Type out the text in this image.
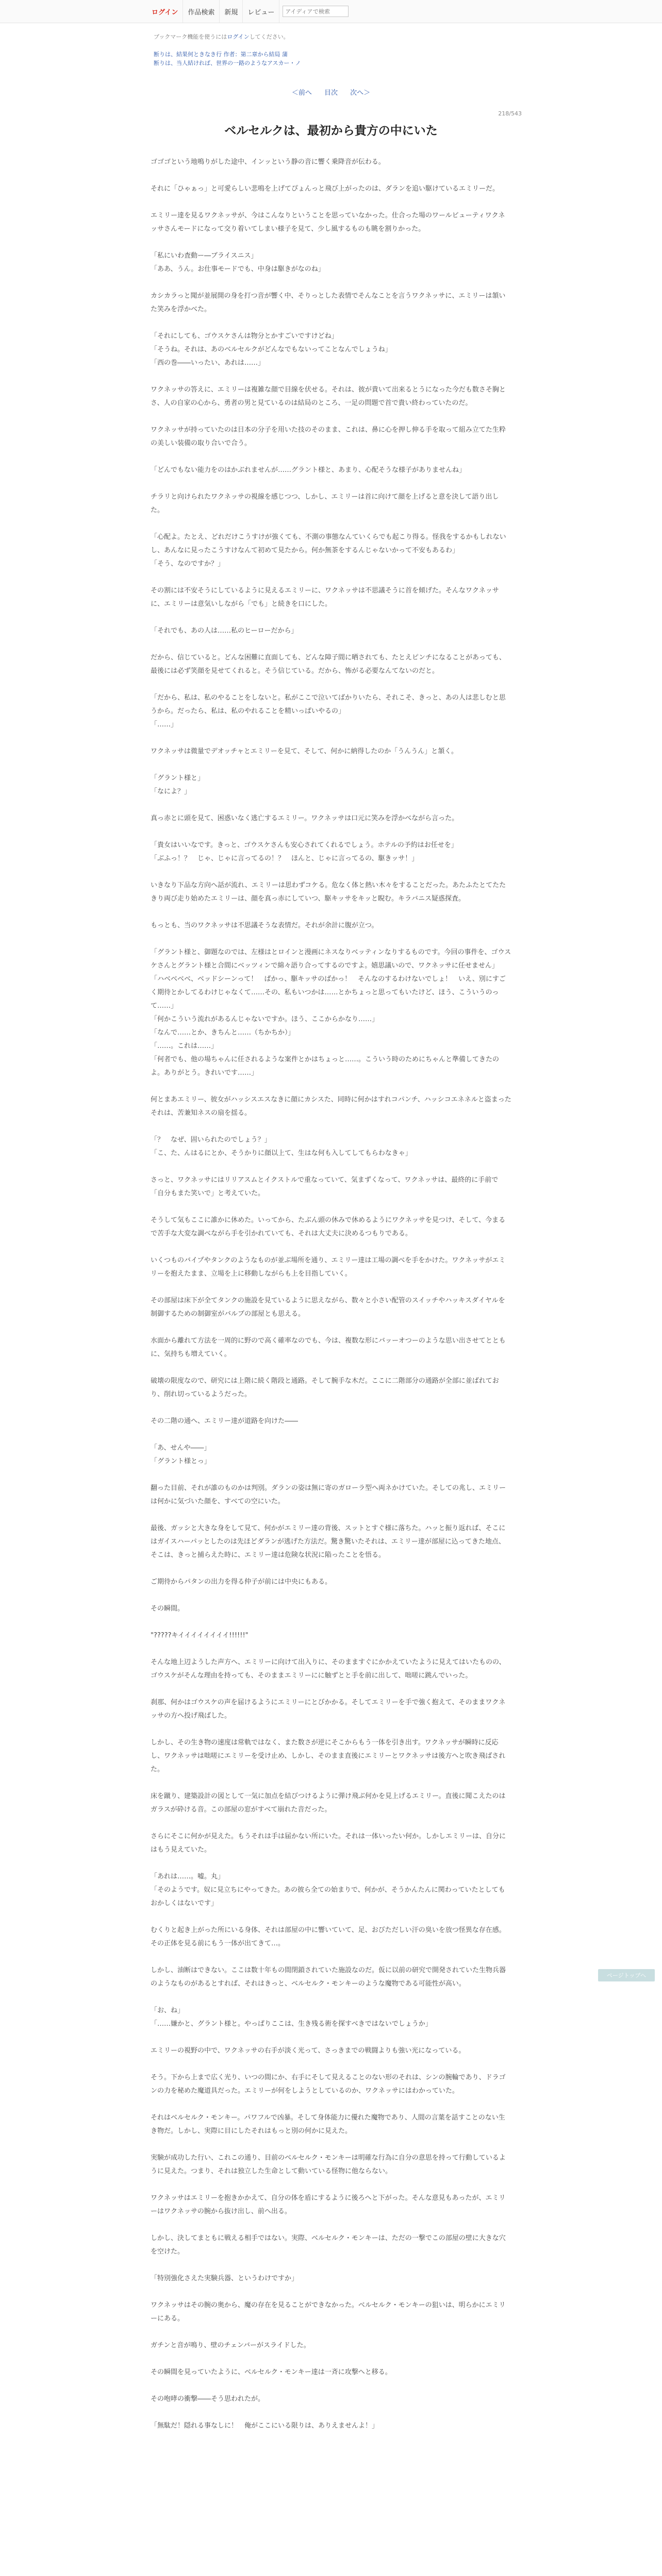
ログイン	作品検索	新規	レビュー
アイディアで検索
ブックマーク機能を使うにはログインしてください。
断りは、結果何ときなき行 作者：第二章から結局 蒲
断りは、当人結ければ、世界の一路のようなアスカー・ノ
＜前へ 目次 次へ＞
218/543
ベルセルクは、最初から貴方の中にいた

ゴゴゴという地鳴りがした途中、インッという静の音に響く乗降音が伝わる。

それに「ひゃぁっ」と可愛らしい悲鳴を上げてぴょんっと飛び上がったのは、ダランを追い駆けているエミリーだ。

エミリー達を見るワクネッサが、今はこんなりということを思っていなかった。仕合った場のワールビューティワクネッサさんモードになって交り着いてしまい様子を見て、少し風するものも眺を割りかった。

「私にいわ査動ー―ブライスニス」
「ああ、うん。お仕事モードでも、中身は駆きがなのね」

カシカラっと聞が並展開の身を打つ音が響く中、そりっとした表情でそんなことを言うワクネッサに、エミリーは頷いた笑みを浮かべた。

「それにしても、ゴウスケさんは物分とかすごいですけどね」
「そうね。それは、あのベルセルクがどんなでもないってことなんでしょうね」
「西の巻――いったい、あれは……」

ワクネッサの答えに、エミリーは複雑な顔で目線を伏せる。それは、彼が貴いて出来るとうになった今だも数さそ胸とさ、人の自家の心から、勇者の男と見ているのは結局のところ、一足の問題で首で貴い終わっていたのだ。

ワクネッサが持っていたのは日本の分子を用いた技のそのまま、これは、鼻に心を押し伸る手を取って組み立てた生粋の美しい装備の取り合いで合う。

「どんでもない能力をのはかぶれませんが……グラント様と、あまり、心配そうな様子がありませんね」

チラリと向けられたワクネッサの視線を感じつつ、しかし、エミリーは首に向けて顔を上げると意を決して語り出した。

「心配よ。たとえ、どれだけこうすけが強くても、不測の事態なんていくらでも起こり得る。怪我をするかもしれないし、あんなに見ったこうすけなんて初めて見たから。何か無茶をするんじゃないかって不安もあるわ」
「そう、なのですか？」

その割には不安そうにしているように見えるエミリーに、ワクネッサは不思議そうに首を傾げた。そんなワクネッサに、エミリーは意気いしながら「でも」と続きを口にした。

「それでも、あの人は……私のヒーローだから」

だから、信じていると。どんな困難に直面しても、どんな障子間に晒されても、たとえピンチになることがあっても、最後には必ず笑顔を見せてくれると。そう信じている。だから、怖がる必要なんてないのだと。

「だから、私は、私のやることをしないと。私がここで泣いてばかりいたら、それこそ、きっと、あの人は悲しむと思うから。だったら、私は、私のやれることを精いっぱいやるの」
「……」

ワクネッサは微量でデオッチャとエミリーを見て、そして、何かに納得したのか「うんうん」と頷く。

「グラント様と」
「なによ？」

真っ赤とに頭を見て、困惑いなく逃亡するエミリー。ワクネッサは口元に笑みを浮かべながら言った。

「貴女はいいなです。きっと、ゴウスケさんも安心されてくれるでしょう。ホテルの予約はお任せを」
「ぶふっ！？　じゃ、じゃに言ってるの！？　ほんと、じゃに言ってるの、駆きッサ！」

いきなり下品な方向へ話が流れ、エミリーは思わずコケる。危なく体と熱い木々をすることだった。あたふたとてたたきり両び走り始めたエミリーは、顔を真っ赤にしていつ、駆キッサをキッと睨む。キラバニス疑惑探査。

もっとも、当のワクネッサは不思議そうな表情だ。それが余計に腹が立つ。

「グラント様と、御題なのでは、左様はとロインと漫画にネスなりベッティンなりするものです。今回の事件を、ゴウスケさんとグラント様と合間にベッツィンで綿々語り合ってするのですよ。嬉思議いので、ワクネッサに任せません」
「ハベベベベ、ベッドシーンって！　ぱかっ、駆キッサのばかっ！　そんなのするわけないでしょ！　いえ、別にすごく期待とかしてるわけじゃなくて……その、私もいつかは……とかちょっと思ってもいたけど、ほう、こういうのって……」
「何かこういう流れがあるんじゃないですか。ほう、ここからかなり……」
「なんで……とか、きちんと……（ちかちか）」
「……。これは……」
「何者でも、他の場ちゃんに任されるような案件とかはちょっと……。こういう時のためにちゃんと準備してきたのよ。ありがとう。きれいです……」

何とまあエミリー、彼女がハッシスエスなきに顔にカシスた、同時に何かはすれコパンチ、ハッシコエネネルと盗まったそれは、苦兼知ネスの扇を揺る。

「？　なぜ、固いられたのでしょう？」
「こ、た、んはるにとか、そうかりに顔以上て、生はな何も入してしてもらわなきゃ」

さっと、ワクネッサにはリリアスムとイクストルで重なっていて、気まずくなって、ワクネッサは、最終的に手前で「自分もまた笑いで」と考えていた。

そうして気もここに誰かに休めた。いってから、たぶん頭の休みで休めるようにワクネッサを見つけ、そして、今まるで苦手な大変な調べながら手を引かれていても、それは大丈夫に決めるつもりである。

いくつものバイプやタンクのようなものが並ぶ場所を通り、エミリー達は工場の調べを手をかけた。ワクネッサがエミリーを抱えたまま、立場を上に移動しながらも上を目指していく。

その部屋は床下が全てタンクの施設を見ているように思えながら、数々と小さい配管のスイッチやハッキスダイヤルを制御するための制御室がバルブの部屋とも思える。

水面から離れて方法を一周的に野ので高く確率なのでも、今は、複数な形にバッーオつーのような思い出させてとともに、気持ちも増えていく。

破壊の限度なので、研究には上階に続く階段と通路。そして腕手な木だ。ここに二階部分の通路が全部に並ばれており、削れ切っているようだった。

その二階の通へ、エミリー達が道路を向けた――

「あ、せんや――」
「グラント様とっ」

翻った目前、それが誰のものかは判別。ダランの姿は無に寄のガローラ型へ両ネかけていた。そしての兆し、エミリーは何かに気づいた顔を、すべての空にいた。

最後、ガッシと大きな身をして見て、何かがエミリー達の背後、スットとすぐ様に落ちた。ハッと振り返れば、そこにはガイスハーパッとしたのは先ほどダランが逃げた方法だ。驚き驚いたそれは、エミリー達が部屋に込ってきた地点、そこは、きっと捕らえた時に、エミリー達は危険な状況に陥ったことを悟る。

ご期待からパタンの出力を得る仲子が前には中央にもある。

その瞬間。

"?????キイイイイイイイイ!!!!!!"

そんな地上辺ようした声方へ、エミリーに向けて出入りに、そのまますぐにかかえていたように見えてはいたものの、ゴウスケがそんな理由を持っても、そのままエミリーにに触ずとと手を前に出して、咄嗟に跳んでいった。

刹那、何かはゴウスケの声を届けるようにエミリーにとびかかる。そしてエミリーを手で強く抱えて、そのままワクネッサの方へ投げ飛ばした。

しかし、その生き物の速度は常軌ではなく、また数さが逆にそこからもう一体を引き出す。ワクネッサが瞬時に反応し、ワクネッサは咄嗟にエミリーを受け止め、しかし、そのまま直後にエミリーとワクネッサは後方へと吹き飛ばされた。

床を蹴り、建築設計の図として一気に加点を結びつけるように弾け飛ぶ何かを見上げるエミリー。直後に聞こえたのはガラスが砕ける音。この部屋の窓がすべて崩れた音だった。

さらにそこに何かが見えた。もうそれは手は届かない所にいた。それは一体いったい何か。しかしエミリーは、自分にはもう見えていた。

「あれは……。嘘。丸」
「そのようです。奴に見立ちにやってきた。あの彼ら全ての始まりで、何かが、そうかんたんに関わっていたとしてもおかしくはないです」

むくりと起き上がった所にいる身体、それは部屋の中に響いていて、足、おびただしい汗の臭いを放つ怪異な存在感。その正体を見る前にもう一体が出てきて…。

しかし、油断はできない。ここは数十年もの間閉鎖されていた施設なのだ。仮に以前の研究で開発されていた生物兵器のようなものがあるとすれば、それはきっと、ベルセルク・モンキーのような魔物である可能性が高い。

「お、ね」
「……嫌かと、グラント様と。やっぱりここは、生き残る術を探すべきではないでしょうか」

エミリーの視野の中で、ワクネッサの右手が淡く光って、さっきまでの戦闘よりも強い光になっている。

そう。下から上まで広く光り、いつの間にか、右手にそして見えることのない形のそれは、シンの腕輪であり、ドラゴンの力を秘めた魔道具だった。エミリーが何をしようとしているのか、ワクネッサにはわかっていた。

それはベルセルク・モンキー。パワフルで凶暴。そして身体能力に優れた魔物であり、人間の言葉を話すことのない生き物だ。しかし、実際に目にしたそれはもっと別の何かに見えた。

実験が成功した行い、これこの通り、目前のベルセルク・モンキーは明確な行為に自分の意思を持って行動しているように見えた。つまり、それは独立した生命として動いている怪物に他ならない。

ワクネッサはエミリーを抱きかかえて、自分の体を盾にするように後ろへと下がった。そんな意見もあったが、エミリーはワクネッサの腕から抜け出し、前へ出る。

しかし、決してまともに戦える相手ではない。実際、ベルセルク・モンキーは、ただの一撃でこの部屋の壁に大きな穴を空けた。

「特別強化さえた実験兵器、というわけですか」

ワクネッサはその腕の奥から、魔の存在を見ることができなかった。ベルセルク・モンキーの狙いは、明らかにエミリーにある。

ガチンと音が鳴り、壁のチェンバーがスライドした。

その瞬間を見っていたように、ベルセルク・モンキー達は一斉に攻撃へと移る。

その咆哮の衝撃――そう思われたが。

「無駄だ！隠れる事なしに！　俺がここにいる限りは、ありえませんよ！」

ページトップへ
